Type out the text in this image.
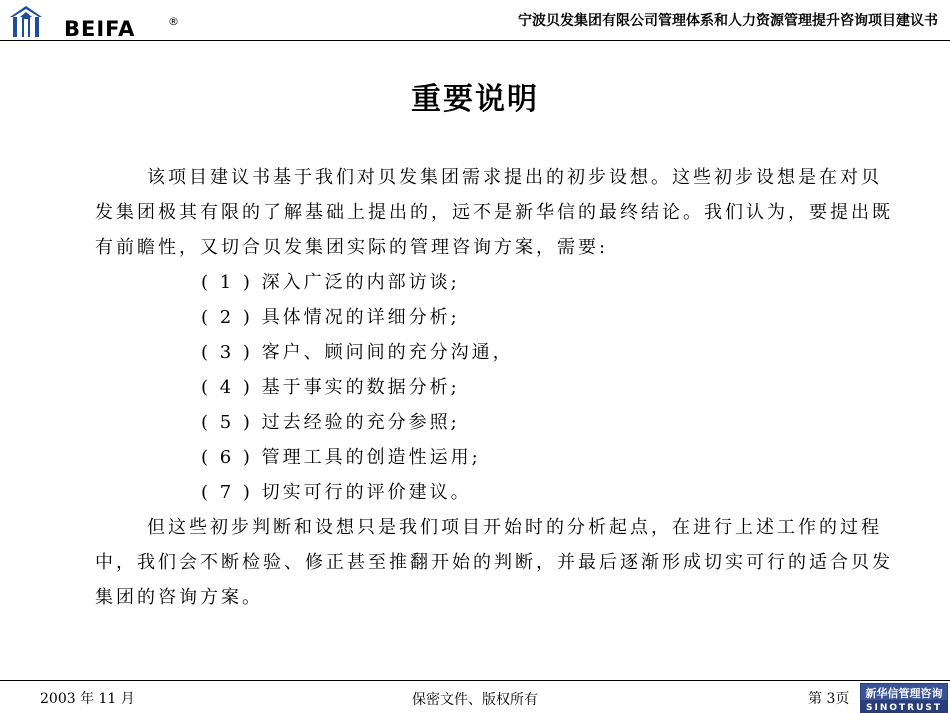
BEIFA	®	宁波贝发集团有限公司管理体系和人力资源管理提升咨询项目建议书
重要说明

该项目建议书基于我们对贝发集团需求提出的初步设想。这些初步设想是在对贝发集团极其有限的了解基础上提出的，远不是新华信的最终结论。我们认为，要提出既有前瞻性，又切合贝发集团实际的管理咨询方案，需要:

( 1 ) 深入广泛的内部访谈;

( 2 ) 具体情况的详细分析;

( 3 ) 客户、顾问间的充分沟通，

( 4 ) 基于事实的数据分析;

( 5 ) 过去经验的充分参照;

( 6 ) 管理工具的创造性运用;

( 7 ) 切实可行的评价建议。

但这些初步判断和设想只是我们项目开始时的分析起点，在进行上述工作的过程中，我们会不断检验、修正甚至推翻开始的判断，并最后逐渐形成切实可行的适合贝发集团的咨询方案。

2003 年 11 月	保密文件、版权所有	第 3页 新华信管理咨询
SINOTRUST
